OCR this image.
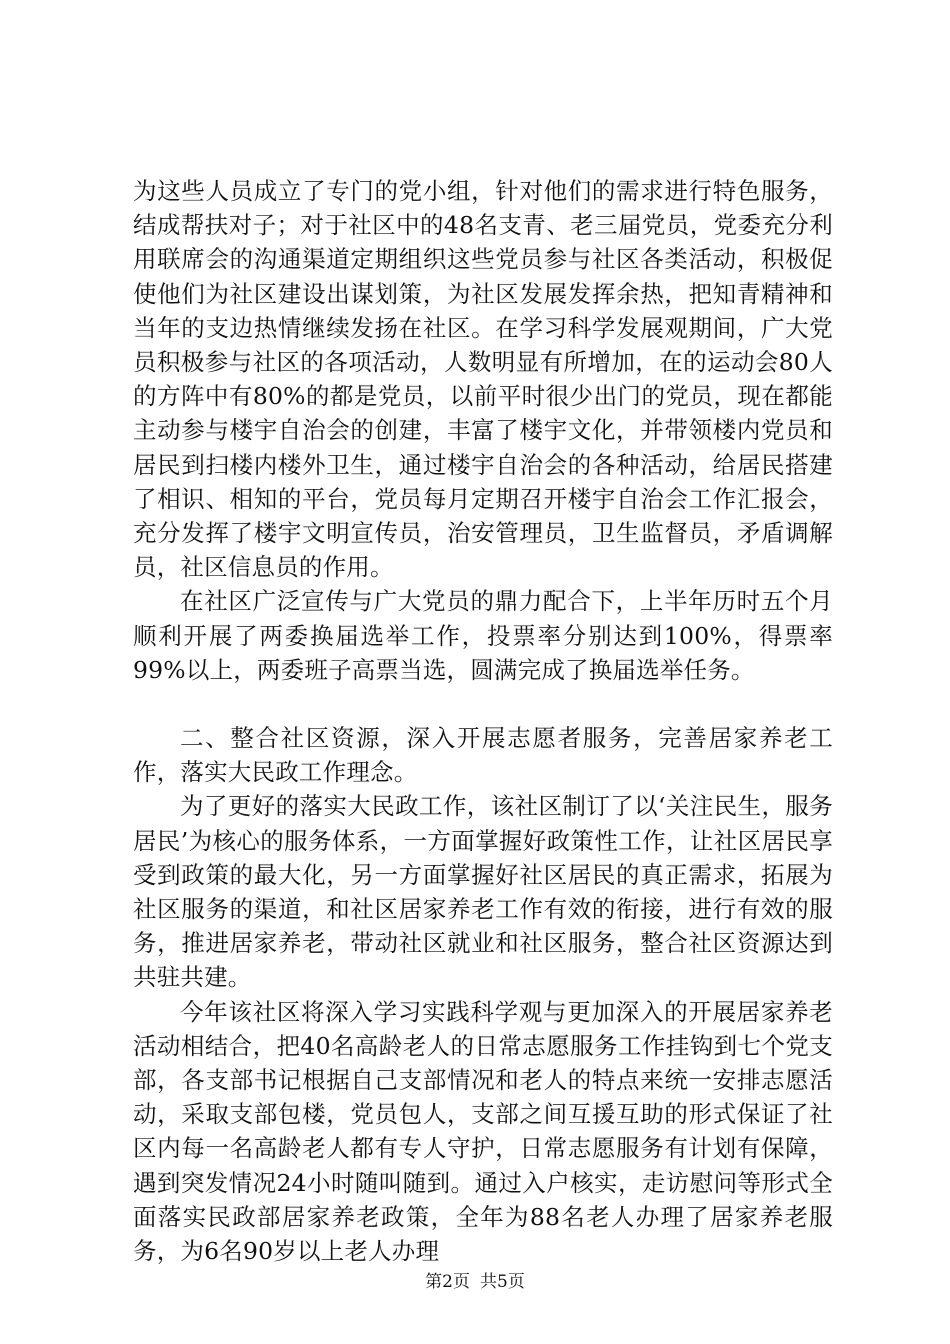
为这些人员成立了专门的党小组，针对他们的需求进行特色服务，结成帮扶对子；对于社区中的48名支青、老三届党员，党委充分利用联席会的沟通渠道定期组织这些党员参与社区各类活动，积极促使他们为社区建设出谋划策，为社区发展发挥余热，把知青精神和当年的支边热情继续发扬在社区。在学习科学发展观期间，广大党员积极参与社区的各项活动，人数明显有所增加，在的运动会80人的方阵中有80%的都是党员，以前平时很少出门的党员，现在都能主动参与楼宇自治会的创建，丰富了楼宇文化，并带领楼内党员和居民到扫楼内楼外卫生，通过楼宇自治会的各种活动，给居民搭建了相识、相知的平台，党员每月定期召开楼宇自治会工作汇报会，充分发挥了楼宇文明宣传员，治安管理员，卫生监督员，矛盾调解员，社区信息员的作用。

在社区广泛宣传与广大党员的鼎力配合下，上半年历时五个月顺利开展了两委换届选举工作，投票率分别达到100%，得票率99%以上，两委班子高票当选，圆满完成了换届选举任务。

二、整合社区资源，深入开展志愿者服务，完善居家养老工作，落实大民政工作理念。

为了更好的落实大民政工作，该社区制订了以‘关注民生，服务居民’为核心的服务体系，一方面掌握好政策性工作，让社区居民享受到政策的最大化，另一方面掌握好社区居民的真正需求，拓展为社区服务的渠道，和社区居家养老工作有效的衔接，进行有效的服务，推进居家养老，带动社区就业和社区服务，整合社区资源达到共驻共建。

今年该社区将深入学习实践科学观与更加深入的开展居家养老活动相结合，把40名高龄老人的日常志愿服务工作挂钩到七个党支部，各支部书记根据自己支部情况和老人的特点来统一安排志愿活动，采取支部包楼，党员包人，支部之间互援互助的形式保证了社区内每一名高龄老人都有专人守护，日常志愿服务有计划有保障，遇到突发情况24小时随叫随到。通过入户核实，走访慰问等形式全面落实民政部居家养老政策，全年为88名老人办理了居家养老服务，为6名90岁以上老人办理

第2页 共5页
